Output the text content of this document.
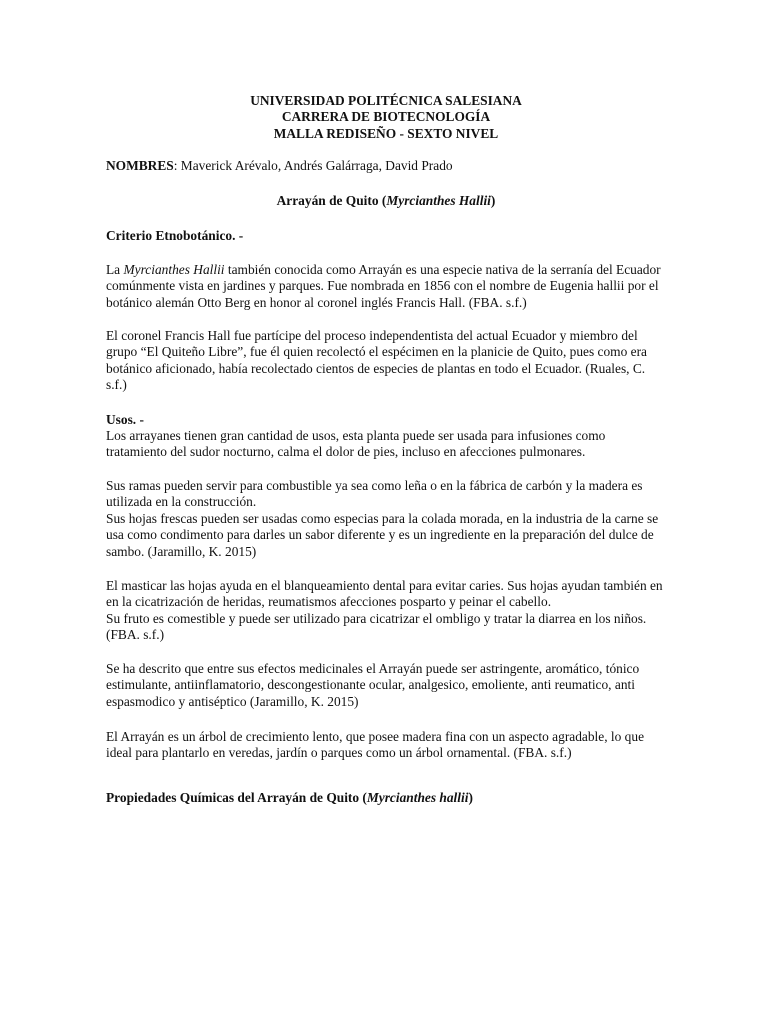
UNIVERSIDAD POLITÉCNICA SALESIANA

CARRERA DE BIOTECNOLOGÍA

MALLA REDISEÑO - SEXTO NIVEL

NOMBRES: Maverick Arévalo, Andrés Galárraga, David Prado
Arrayán de Quito (Myrcianthes Hallii)
Criterio Etnobotánico. -
La Myrcianthes Hallii también conocida como Arrayán es una especie nativa de la serranía del Ecuador comúnmente vista en jardines y parques. Fue nombrada en 1856 con el nombre de Eugenia hallii por el botánico alemán Otto Berg en honor al coronel inglés Francis Hall. (FBA. s.f.)
El coronel Francis Hall fue partícipe del proceso independentista del actual Ecuador y miembro del grupo “El Quiteño Libre”, fue él quien recolectó el espécimen en la planicie de Quito, pues como era botánico aficionado, había recolectado cientos de especies de plantas en todo el Ecuador. (Ruales, C. s.f.)
Usos. -
Los arrayanes tienen gran cantidad de usos, esta planta puede ser usada para infusiones como tratamiento del sudor nocturno, calma el dolor de pies, incluso en afecciones pulmonares.

Sus ramas pueden servir para combustible ya sea como leña o en la fábrica de carbón y la madera es utilizada en la construcción.

Sus hojas frescas pueden ser usadas como especias para la colada morada, en la industria de la carne se usa como condimento para darles un sabor diferente y es un ingrediente en la preparación del dulce de sambo. (Jaramillo, K. 2015)

El masticar las hojas ayuda en el blanqueamiento dental para evitar caries. Sus hojas ayudan también en en la cicatrización de heridas, reumatismos afecciones posparto y peinar el cabello.

Su fruto es comestible y puede ser utilizado para cicatrizar el ombligo y tratar la diarrea en los niños. (FBA. s.f.)

Se ha descrito que entre sus efectos medicinales el Arrayán puede ser astringente, aromático, tónico estimulante, antiinflamatorio, descongestionante ocular, analgesico, emoliente, anti reumatico, anti espasmodico y antiséptico (Jaramillo, K. 2015)
El Arrayán es un árbol de crecimiento lento, que posee madera fina con un aspecto agradable, lo que ideal para plantarlo en veredas, jardín o parques como un árbol ornamental. (FBA. s.f.)
Propiedades Químicas del Arrayán de Quito (Myrcianthes hallii)
